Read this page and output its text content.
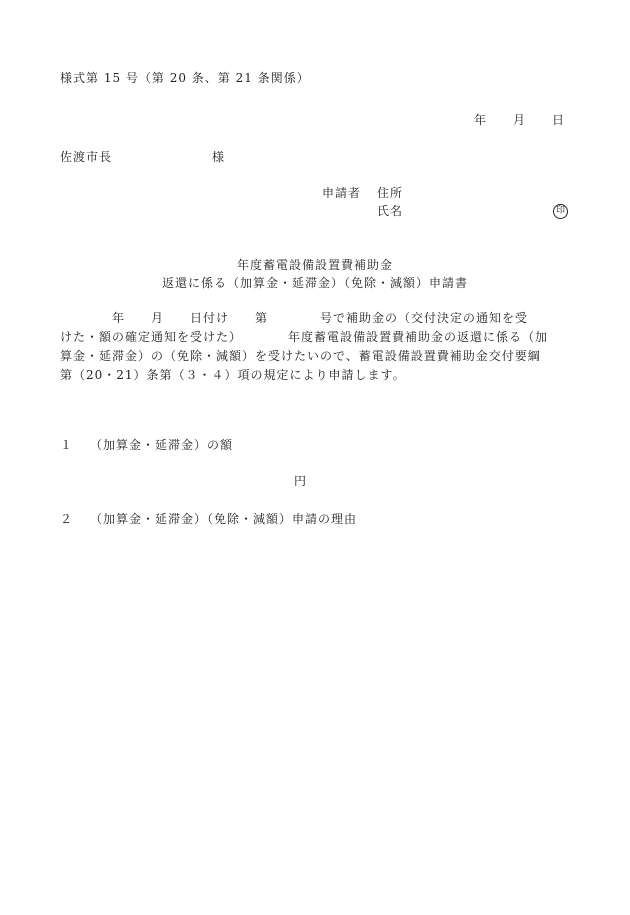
様式第 15 号（第 20 条、第 21 条関係）
年　　月　　日
佐渡市長	様
申請者 住所
氏名	印
年度蓄電設備設置費補助金
返還に係る（加算金・延滞金）（免除・減額）申請書
　　　　年　　月　　日付け　　第　　　　号で補助金の（交付決定の通知を受
けた・額の確定通知を受けた）　　　　年度蓄電設備設置費補助金の返還に係る（加
算金・延滞金）の（免除・減額）を受けたいので、蓄電設備設置費補助金交付要綱
第（20・21）条第（３・４）項の規定により申請します。
１ （加算金・延滞金）の額
円
２ （加算金・延滞金）（免除・減額）申請の理由
